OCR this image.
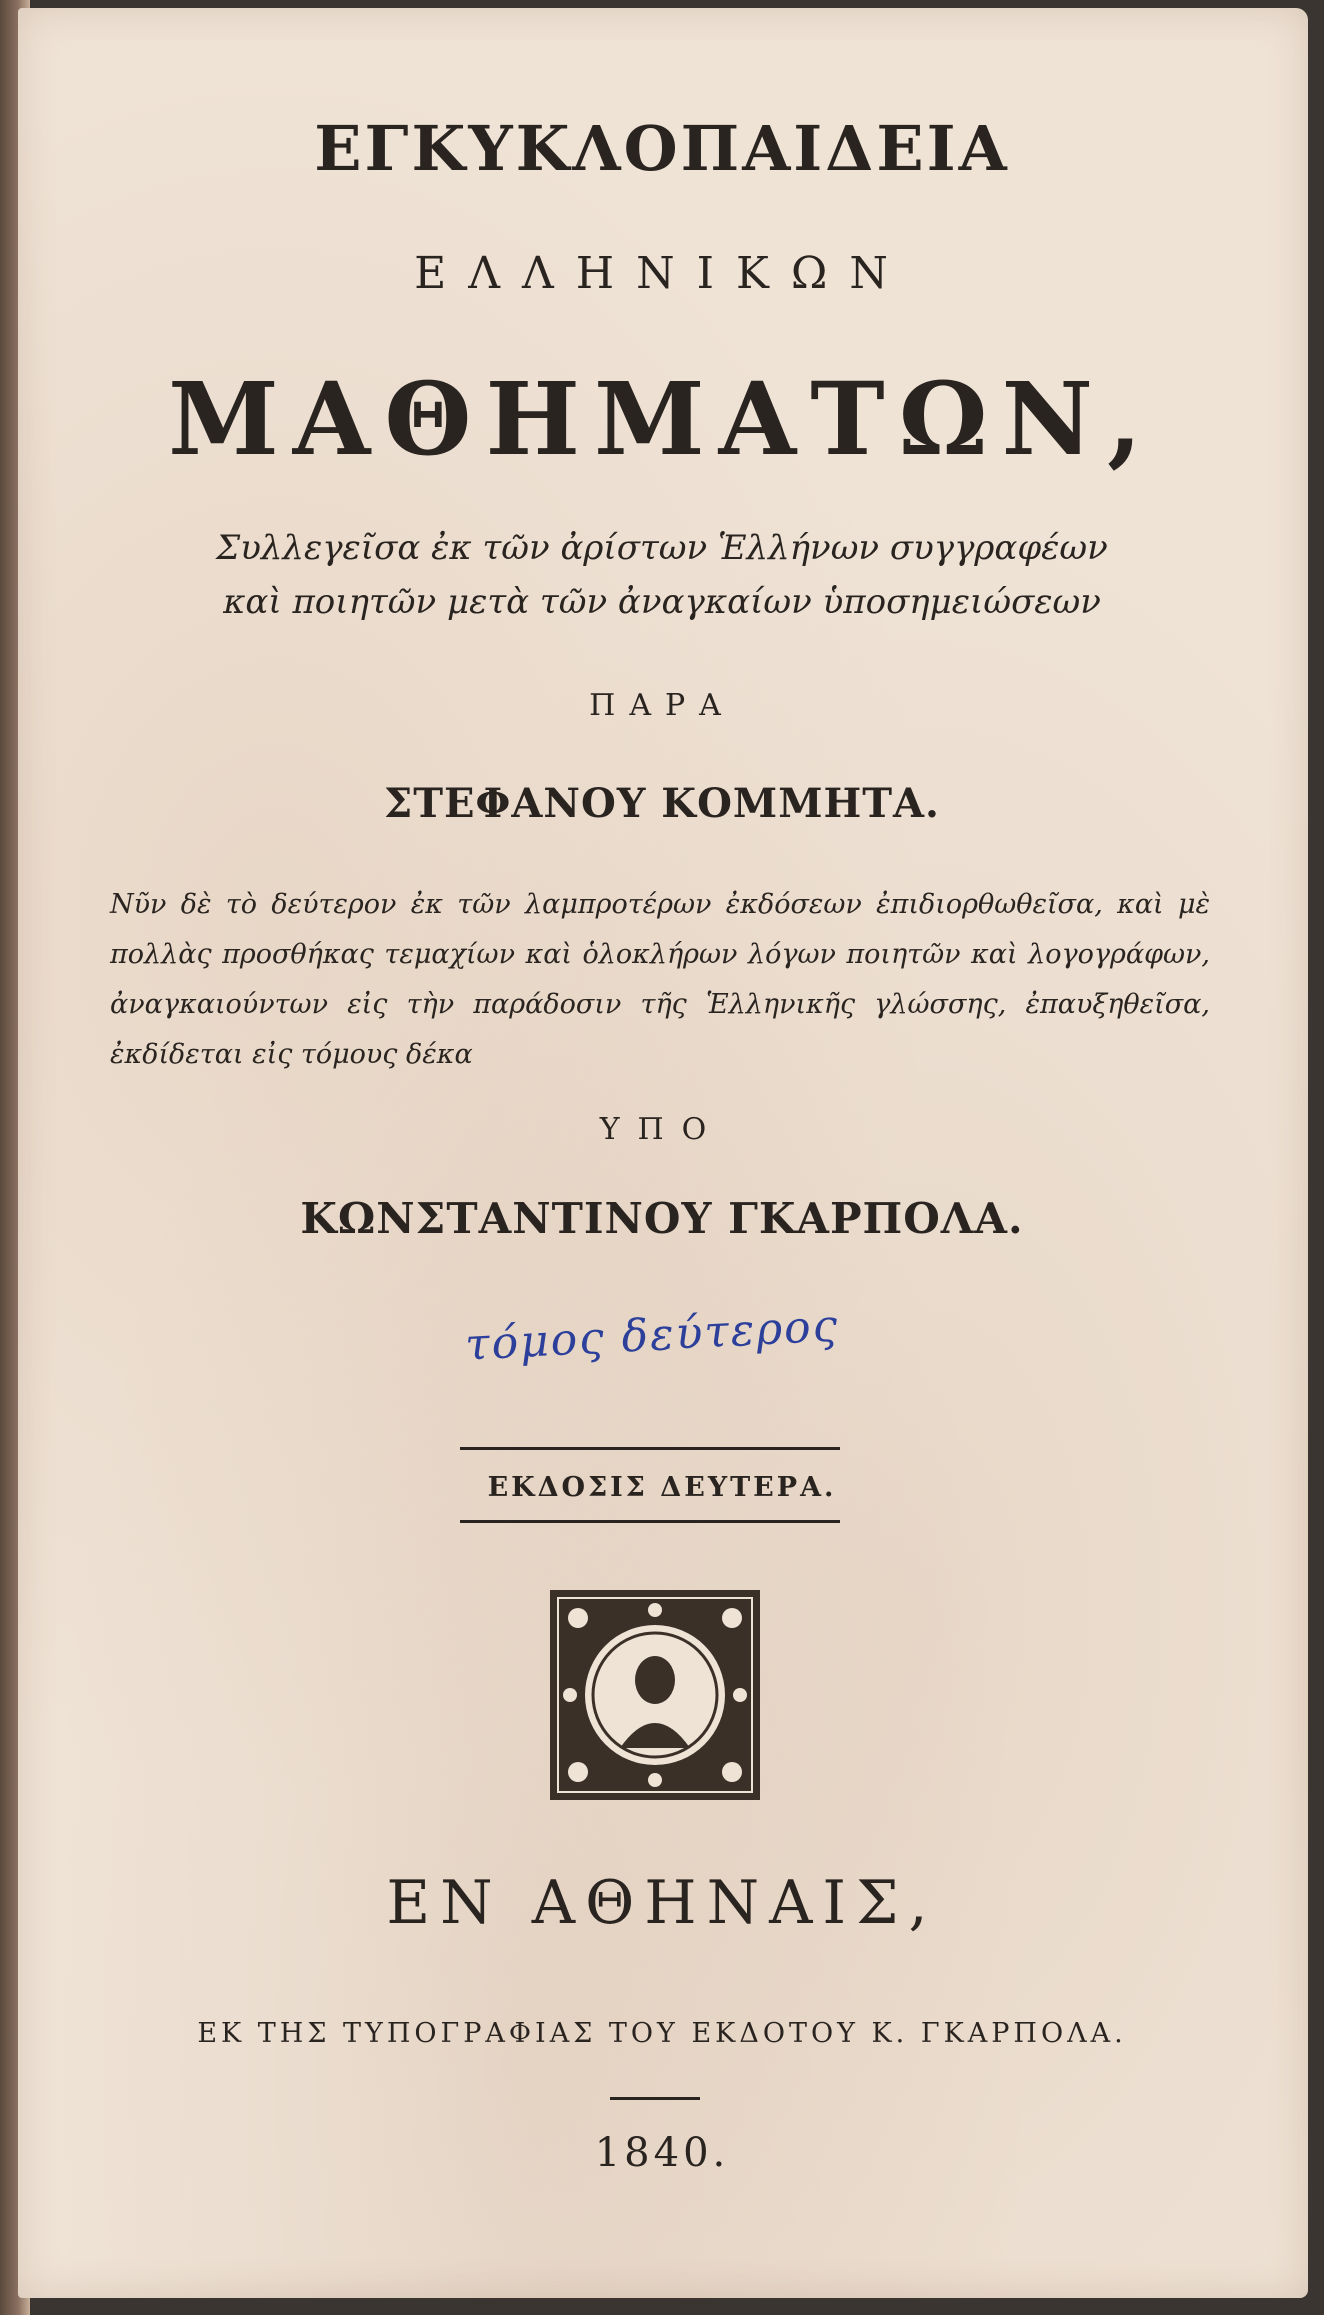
ΕΓΚΥΚΛΟΠΑΙΔΕΙΑ
ΕΛΛΗΝΙΚΩΝ
ΜΑΘΗΜΑΤΩΝ,
Συλλεγεῖσα ἐκ τῶν ἀρίστων Ἑλλήνων συγγραφέων
καὶ ποιητῶν μετὰ τῶν ἀναγκαίων ὑποσημειώσεων
ΠΑΡΑ
ΣΤΕΦΑΝΟΥ ΚΟΜΜΗΤΑ.
Νῦν δὲ τὸ δεύτερον ἐκ τῶν λαμπροτέρων ἐκδόσεων ἐπιδιορθωθεῖσα, καὶ μὲ πολλὰς προσθήκας τεμαχίων καὶ ὁλοκλήρων λόγων ποιητῶν καὶ λογογράφων, ἀναγκαιούντων εἰς τὴν παράδοσιν τῆς Ἑλληνικῆς γλώσσης, ἐπαυξηθεῖσα, ἐκδίδεται εἰς τόμους δέκα
ΥΠΟ
ΚΩΝΣΤΑΝΤΙΝΟΥ ΓΚΑΡΠΟΛΑ.
τόμος δεύτερος
ΕΚΔΟΣΙΣ ΔΕΥΤΕΡΑ.
ΕΝ ΑΘΗΝΑΙΣ,
ΕΚ ΤΗΣ ΤΥΠΟΓΡΑΦΙΑΣ ΤΟΥ ΕΚΔΟΤΟΥ Κ. ΓΚΑΡΠΟΛΑ.
1840.
